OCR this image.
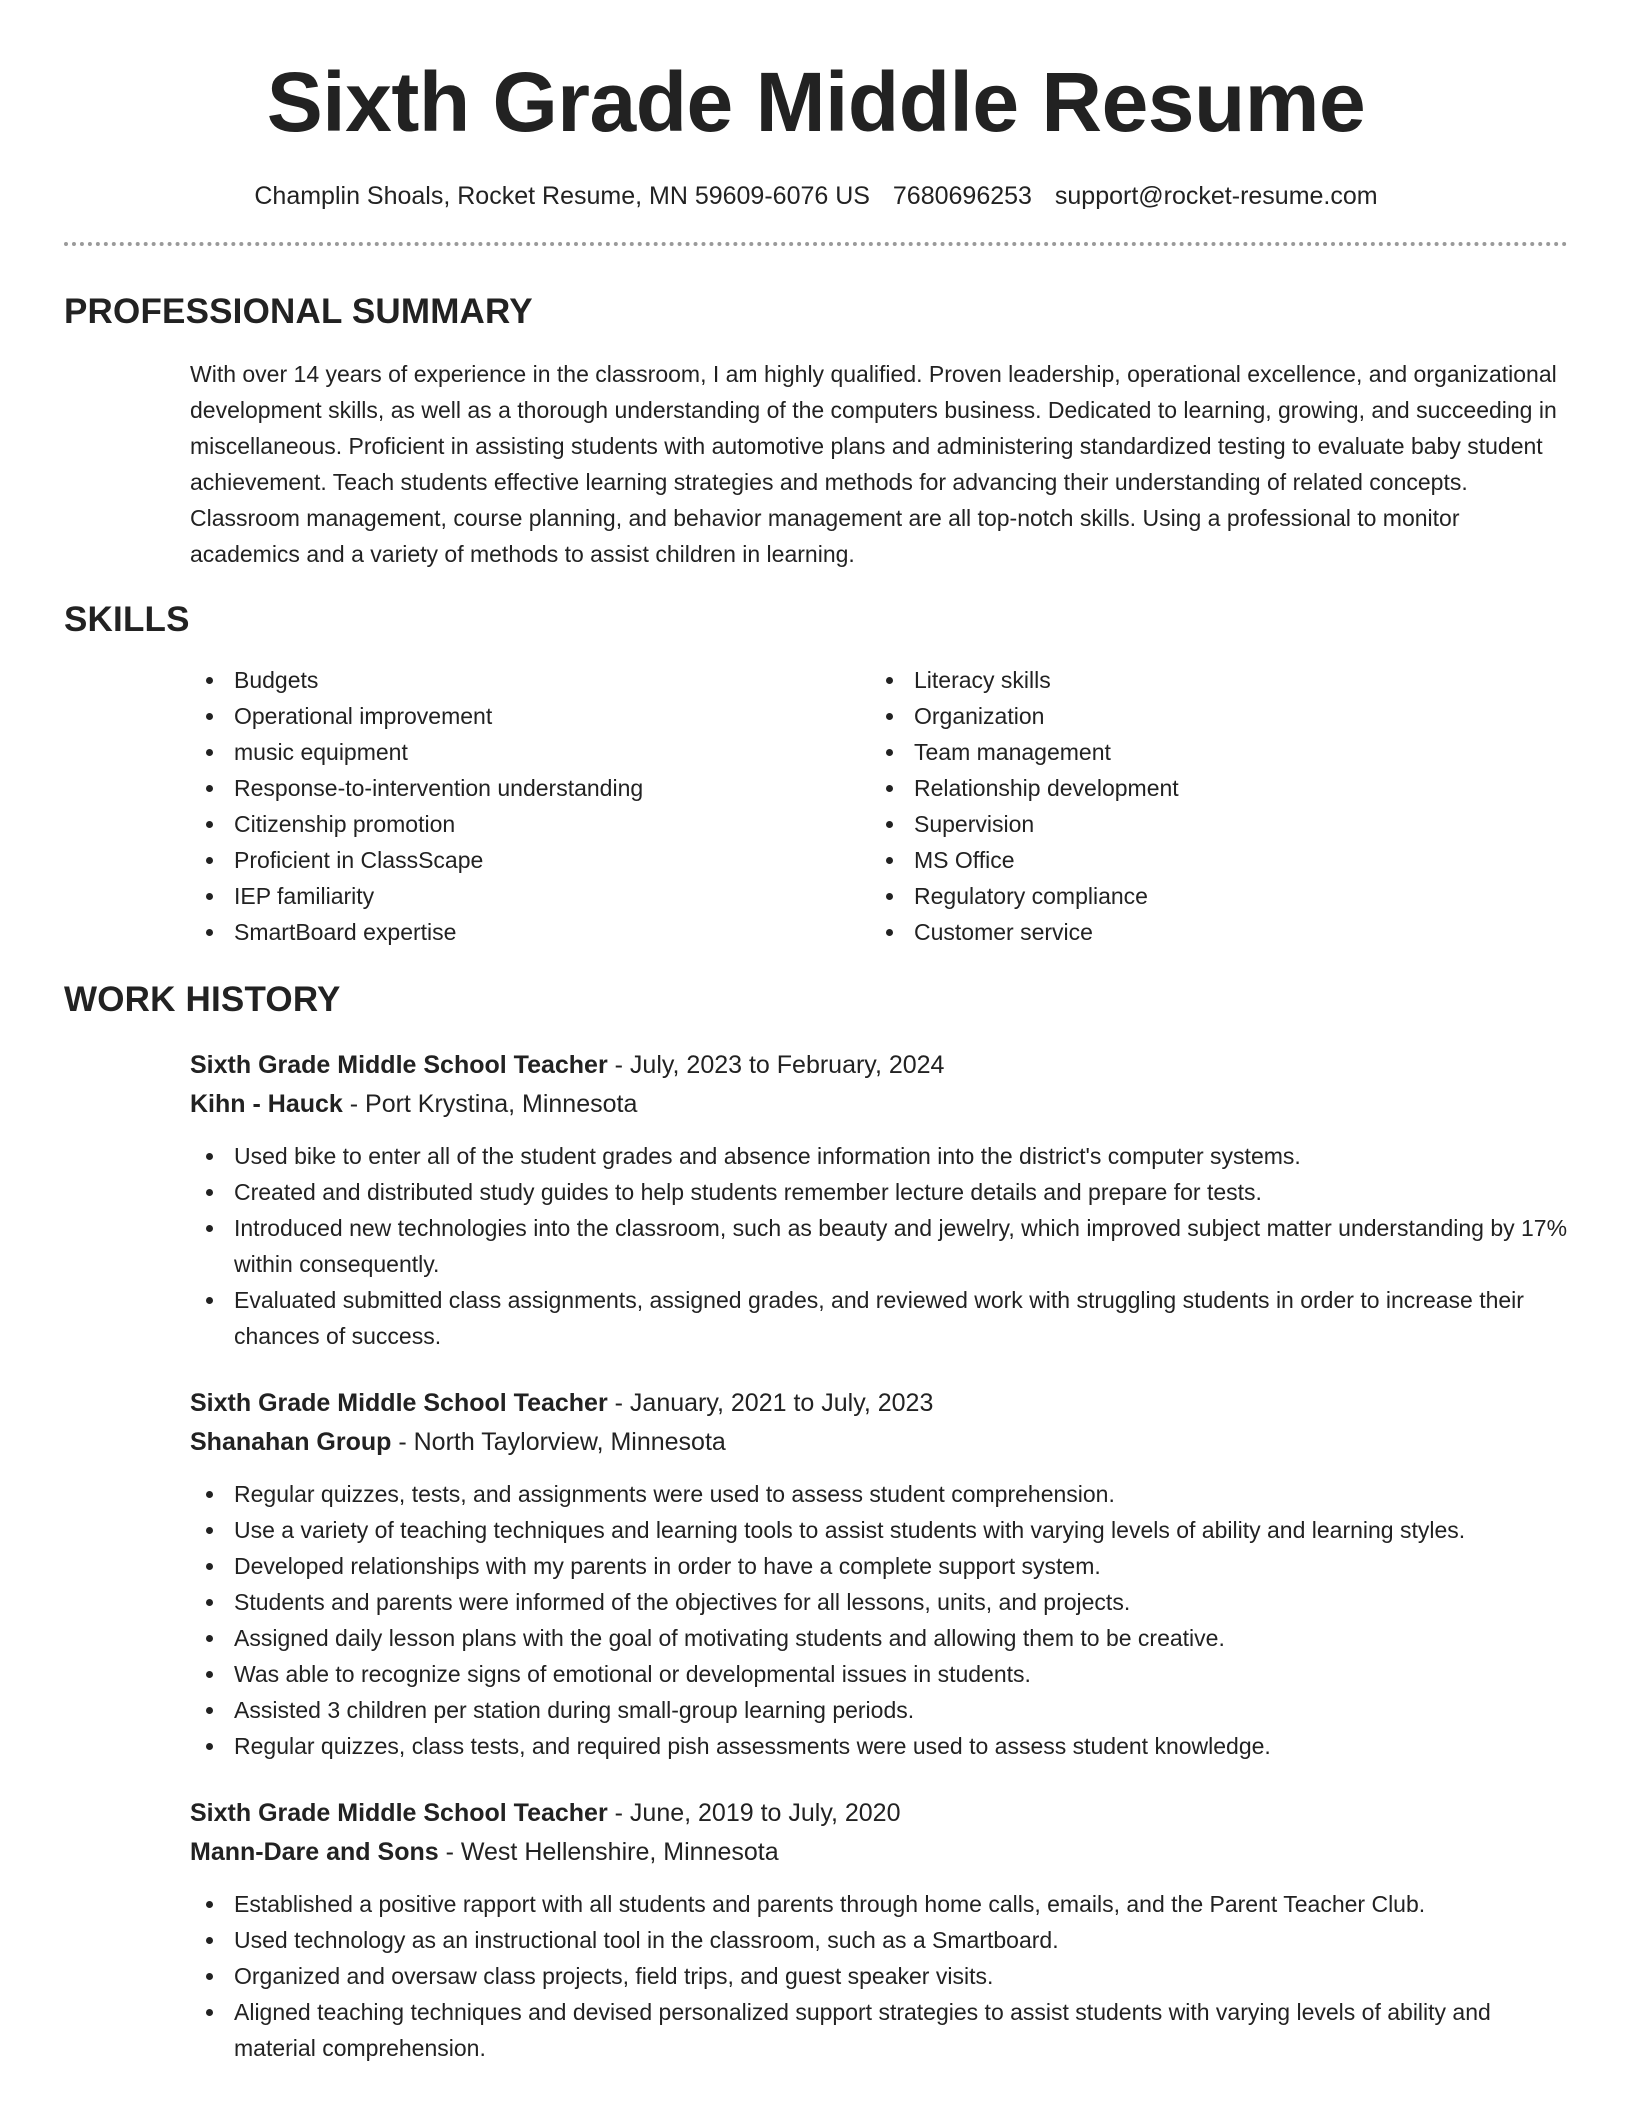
Sixth Grade Middle Resume
Champlin Shoals, Rocket Resume, MN 59609-6076 US 7680696253 support@rocket-resume.com
PROFESSIONAL SUMMARY

With over 14 years of experience in the classroom, I am highly qualified. Proven leadership, operational excellence, and organizational development skills, as well as a thorough understanding of the computers business. Dedicated to learning, growing, and succeeding in miscellaneous. Proficient in assisting students with automotive plans and administering standardized testing to evaluate baby student achievement. Teach students effective learning strategies and methods for advancing their understanding of related concepts. Classroom management, course planning, and behavior management are all top-notch skills. Using a professional to monitor academics and a variety of methods to assist children in learning.

SKILLS
Budgets
Operational improvement
music equipment
Response-to-intervention understanding
Citizenship promotion
Proficient in ClassScape
IEP familiarity
SmartBoard expertise
Literacy skills
Organization
Team management
Relationship development
Supervision
MS Office
Regulatory compliance
Customer service
WORK HISTORY
Sixth Grade Middle School Teacher - July, 2023 to February, 2024
Kihn - Hauck - Port Krystina, Minnesota
Used bike to enter all of the student grades and absence information into the district's computer systems.
Created and distributed study guides to help students remember lecture details and prepare for tests.
Introduced new technologies into the classroom, such as beauty and jewelry, which improved subject matter understanding by 17% within consequently.
Evaluated submitted class assignments, assigned grades, and reviewed work with struggling students in order to increase their chances of success.
Sixth Grade Middle School Teacher - January, 2021 to July, 2023
Shanahan Group - North Taylorview, Minnesota
Regular quizzes, tests, and assignments were used to assess student comprehension.
Use a variety of teaching techniques and learning tools to assist students with varying levels of ability and learning styles.
Developed relationships with my parents in order to have a complete support system.
Students and parents were informed of the objectives for all lessons, units, and projects.
Assigned daily lesson plans with the goal of motivating students and allowing them to be creative.
Was able to recognize signs of emotional or developmental issues in students.
Assisted 3 children per station during small-group learning periods.
Regular quizzes, class tests, and required pish assessments were used to assess student knowledge.
Sixth Grade Middle School Teacher - June, 2019 to July, 2020
Mann-Dare and Sons - West Hellenshire, Minnesota
Established a positive rapport with all students and parents through home calls, emails, and the Parent Teacher Club.
Used technology as an instructional tool in the classroom, such as a Smartboard.
Organized and oversaw class projects, field trips, and guest speaker visits.
Aligned teaching techniques and devised personalized support strategies to assist students with varying levels of ability and material comprehension.
